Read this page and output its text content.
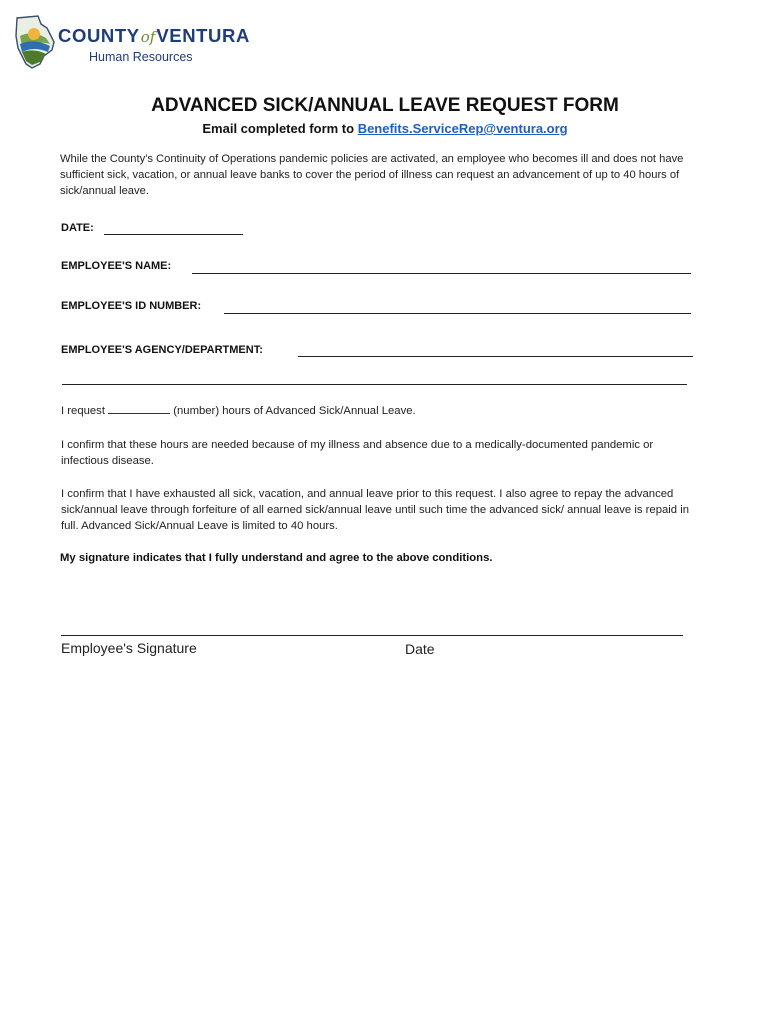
COUNTYofVENTURA
Human Resources
ADVANCED SICK/ANNUAL LEAVE REQUEST FORM
Email completed form to Benefits.ServiceRep@ventura.org
While the County's Continuity of Operations pandemic policies are activated, an employee who becomes ill and does not have sufficient sick, vacation, or annual leave banks to cover the period of illness can request an advancement of up to 40 hours of sick/annual leave.
DATE:
EMPLOYEE'S NAME:
EMPLOYEE'S ID NUMBER:
EMPLOYEE'S AGENCY/DEPARTMENT:
I request	(number) hours of Advanced Sick/Annual Leave.
I confirm that these hours are needed because of my illness and absence due to a medically-documented pandemic or infectious disease.
I confirm that I have exhausted all sick, vacation, and annual leave prior to this request. I also agree to repay the advanced sick/annual leave through forfeiture of all earned sick/annual leave until such time the advanced sick/ annual leave is repaid in full. Advanced Sick/Annual Leave is limited to 40 hours.
My signature indicates that I fully understand and agree to the above conditions.
Employee's Signature	Date
